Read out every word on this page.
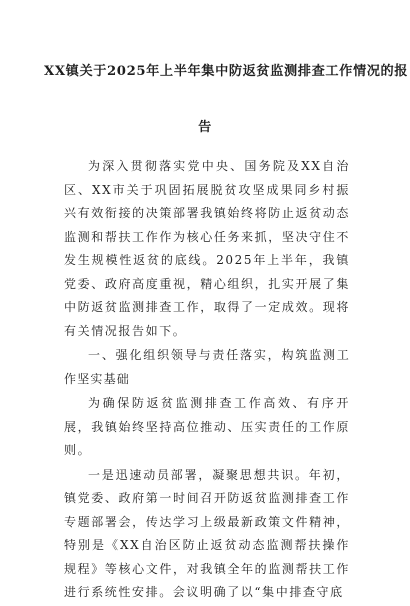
XX镇关于2025年上半年集中防返贫监测排查工作情况的报
告

为深入贯彻落实党中央、国务院及XX自治区、XX市关于巩固拓展脱贫攻坚成果同乡村振兴有效衔接的决策部署我镇始终将防止返贫动态监测和帮扶工作作为核心任务来抓，坚决守住不发生规模性返贫的底线。2025年上半年，我镇党委、政府高度重视，精心组织，扎实开展了集中防返贫监测排查工作，取得了一定成效。现将有关情况报告如下。

一、强化组织领导与责任落实，构筑监测工作坚实基础

为确保防返贫监测排查工作高效、有序开展，我镇始终坚持高位推动、压实责任的工作原则。

一是迅速动员部署，凝聚思想共识。年初，镇党委、政府第一时间召开防返贫监测排查工作专题部署会，传达学习上级最新政策文件精神，特别是《XX自治区防止返贫动态监测帮扶操作规程》等核心文件，对我镇全年的监测帮扶工作进行系统性安排。会议明确了以“集中排查守底
